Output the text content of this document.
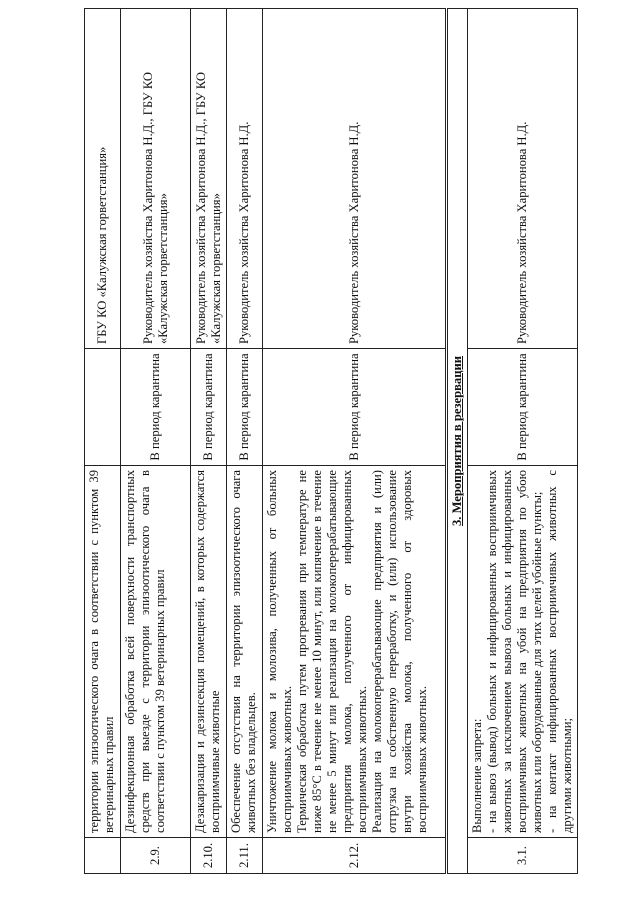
	территории эпизоотического очага в соответствии с пунктом 39 ветеринарных правил		ГБУ КО «Калужская горветстанция»
2.9.	Дезинфекционная обработка всей поверхности транспортных средств при выезде с территории эпизоотического очага в соответствии с пунктом 39 ветеринарных правил	В период карантина	Руководитель хозяйства Харитонова Н.Д., ГБУ КО «Калужская горветстанция»
2.10.	Дезакаризация и дезинсекция помещений, в которых содержатся восприимчивые животные	В период карантина	Руководитель хозяйства Харитонова Н.Д., ГБУ КО «Калужская горветстанция»
2.11.	Обеспечение отсутствия на территории эпизоотического очага животных без владельцев.	В период карантина	Руководитель хозяйства Харитонова Н.Д.
2.12.	Уничтожение молока и молозива, полученных от больных восприимчивых животных. Термическая обработка путем прогревания при температуре не ниже 85°С в течение не менее 10 минут, или кипячение в течение не менее 5 минут или реализация на молокоперерабатывающие предприятия молока, полученного от инфицированных восприимчивых животных. Реализация на молокоперерабатывающие предприятия и (или) отгрузка на собственную переработку, и (или) использование внутри хозяйства молока, полученного от здоровых восприимчивых животных.	В период карантина	Руководитель хозяйства Харитонова Н.Д.
3. Мероприятия в резервации			
3.1.	Выполнение запрета: - на вывоз (вывод) больных и инфицированных восприимчивых животных за исключением вывоза больных и инфицированных восприимчивых животных на убой на предприятия по убою животных или оборудованные для этих целей убойные пункты; - на контакт инфицированных восприимчивых животных с другими животными;	В период карантина	Руководитель хозяйства Харитонова Н.Д.
